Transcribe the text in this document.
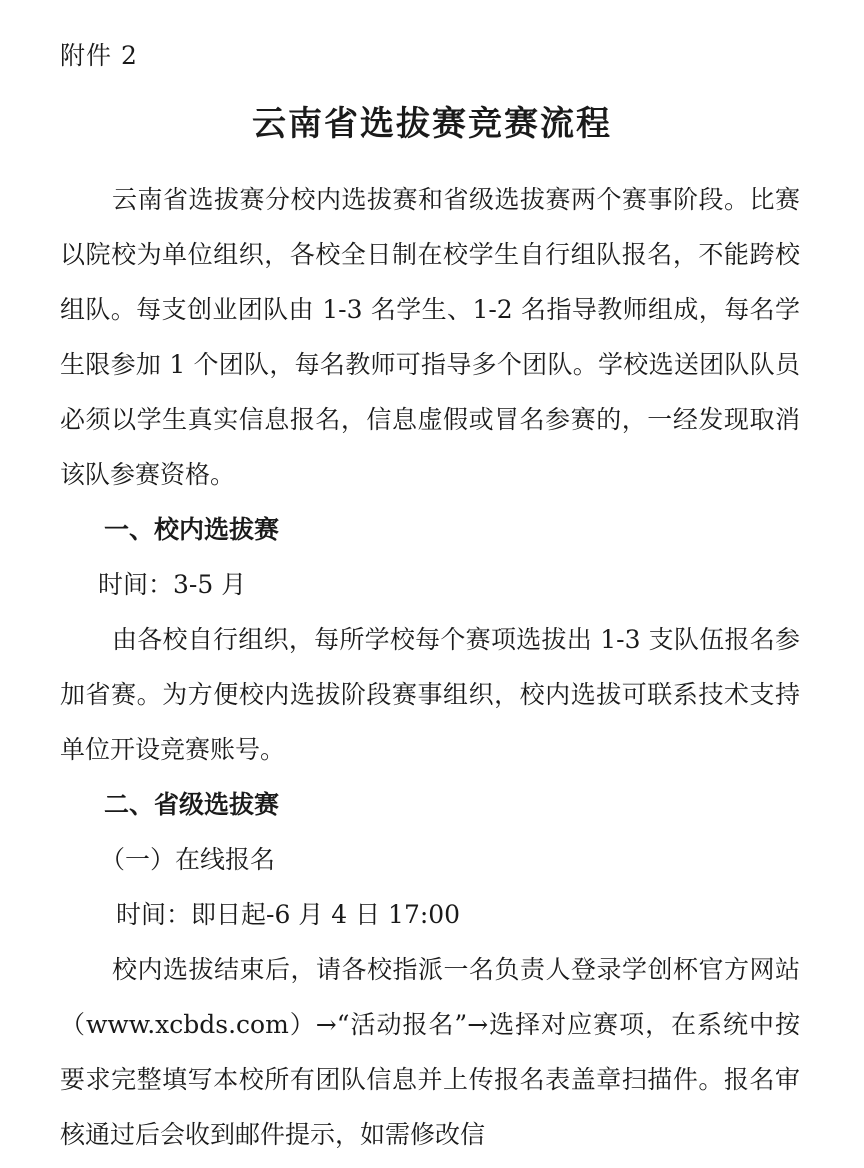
附件 2
云南省选拔赛竞赛流程

云南省选拔赛分校内选拔赛和省级选拔赛两个赛事阶段。比赛以院校为单位组织，各校全日制在校学生自行组队报名，不能跨校组队。每支创业团队由 1-3 名学生、1-2 名指导教师组成，每名学生限参加 1 个团队，每名教师可指导多个团队。学校选送团队队员必须以学生真实信息报名，信息虚假或冒名参赛的，一经发现取消该队参赛资格。

一、校内选拔赛

时间：3-5 月

由各校自行组织，每所学校每个赛项选拔出 1-3 支队伍报名参加省赛。为方便校内选拔阶段赛事组织，校内选拔可联系技术支持单位开设竞赛账号。

二、省级选拔赛

（一）在线报名

时间：即日起-6 月 4 日 17:00

校内选拔结束后，请各校指派一名负责人登录学创杯官方网站（www.xcbds.com）→“活动报名”→选择对应赛项，在系统中按要求完整填写本校所有团队信息并上传报名表盖章扫描件。报名审核通过后会收到邮件提示，如需修改信
